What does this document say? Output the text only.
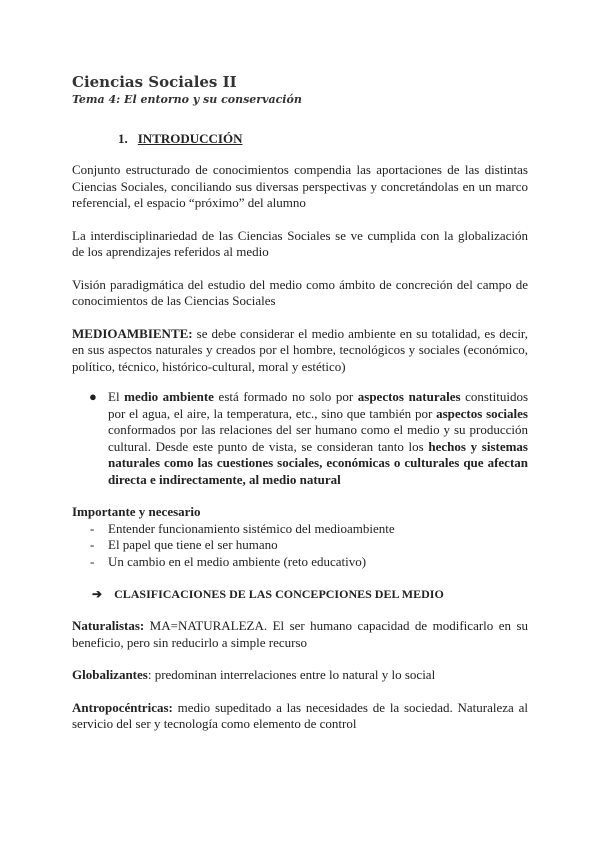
Ciencias Sociales II
Tema 4: El entorno y su conservación
1. INTRODUCCIÓN

Conjunto estructurado de conocimientos compendia las aportaciones de las distintas Ciencias Sociales, conciliando sus diversas perspectivas y concretándolas en un marco referencial, el espacio “próximo” del alumno

La interdisciplinariedad de las Ciencias Sociales se ve cumplida con la globalización de los aprendizajes referidos al medio

Visión paradigmática del estudio del medio como ámbito de concreción del campo de conocimientos de las Ciencias Sociales

MEDIOAMBIENTE: se debe considerar el medio ambiente en su totalidad, es decir, en sus aspectos naturales y creados por el hombre, tecnológicos y sociales (económico, político, técnico, histórico-cultural, moral y estético)

● El medio ambiente está formado no solo por aspectos naturales constituidos por el agua, el aire, la temperatura, etc., sino que también por aspectos sociales conformados por las relaciones del ser humano como el medio y su producción cultural. Desde este punto de vista, se consideran tanto los hechos y sistemas naturales como las cuestiones sociales, económicas o culturales que afectan directa e indirectamente, al medio natural

Importante y necesario

- Entender funcionamiento sistémico del medioambiente
- El papel que tiene el ser humano
- Un cambio en el medio ambiente (reto educativo)
➔ CLASIFICACIONES DE LAS CONCEPCIONES DEL MEDIO

Naturalistas: MA=NATURALEZA. El ser humano capacidad de modificarlo en su beneficio, pero sin reducirlo a simple recurso

Globalizantes: predominan interrelaciones entre lo natural y lo social

Antropocéntricas: medio supeditado a las necesidades de la sociedad. Naturaleza al servicio del ser y tecnología como elemento de control
